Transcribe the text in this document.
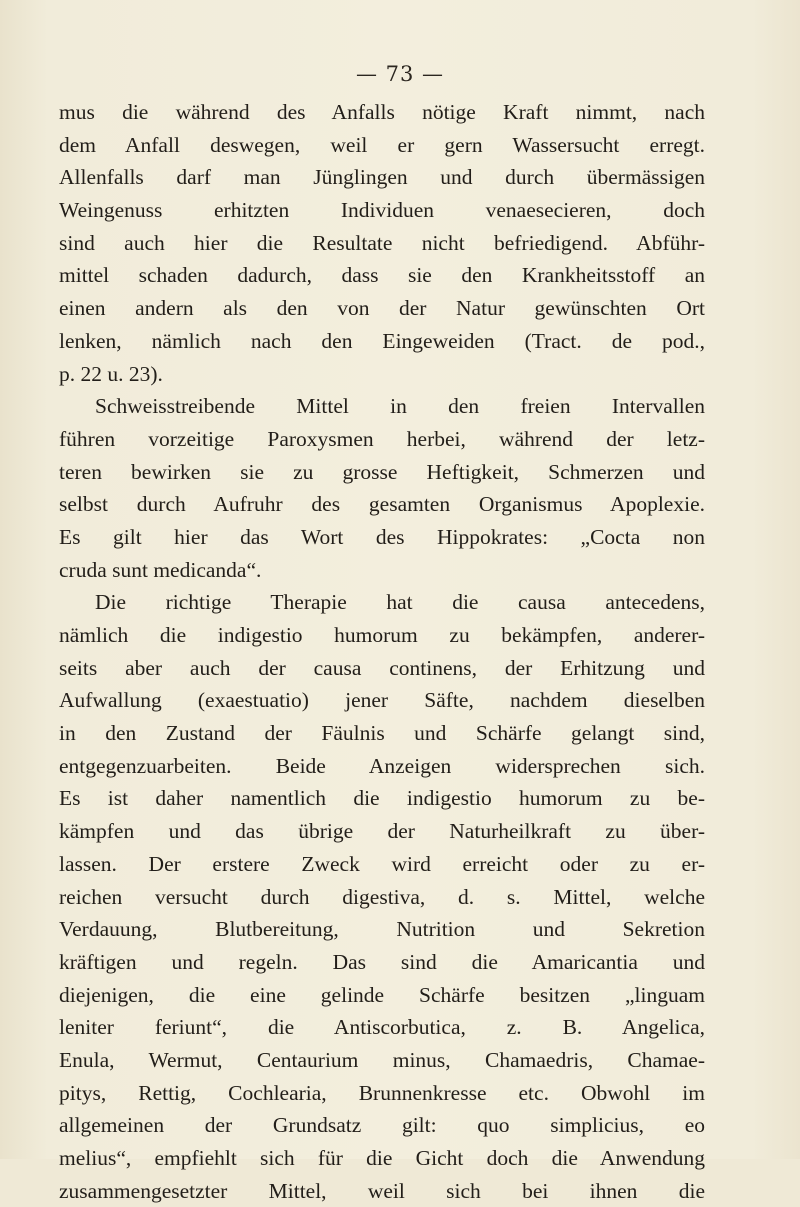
— 73 —
mus die während des Anfalls nötige Kraft nimmt, nach
dem Anfall deswegen, weil er gern Wassersucht erregt.
Allenfalls darf man Jünglingen und durch übermässigen
Weingenuss erhitzten Individuen venaesecieren, doch
sind auch hier die Resultate nicht befriedigend. Abführ-
mittel schaden dadurch, dass sie den Krankheitsstoff an
einen andern als den von der Natur gewünschten Ort
lenken, nämlich nach den Eingeweiden (Tract. de pod.,
p. 22 u. 23).
Schweisstreibende Mittel in den freien Intervallen
führen vorzeitige Paroxysmen herbei, während der letz-
teren bewirken sie zu grosse Heftigkeit, Schmerzen und
selbst durch Aufruhr des gesamten Organismus Apoplexie.
Es gilt hier das Wort des Hippokrates: „Cocta non
cruda sunt medicanda“.
Die richtige Therapie hat die causa antecedens,
nämlich die indigestio humorum zu bekämpfen, anderer-
seits aber auch der causa continens, der Erhitzung und
Aufwallung (exaestuatio) jener Säfte, nachdem dieselben
in den Zustand der Fäulnis und Schärfe gelangt sind,
entgegenzuarbeiten. Beide Anzeigen widersprechen sich.
Es ist daher namentlich die indigestio humorum zu be-
kämpfen und das übrige der Naturheilkraft zu über-
lassen. Der erstere Zweck wird erreicht oder zu er-
reichen versucht durch digestiva, d. s. Mittel, welche
Verdauung, Blutbereitung, Nutrition und Sekretion
kräftigen und regeln. Das sind die Amaricantia und
diejenigen, die eine gelinde Schärfe besitzen „linguam
leniter feriunt“, die Antiscorbutica, z. B. Angelica,
Enula, Wermut, Centaurium minus, Chamaedris, Chamae-
pitys, Rettig, Cochlearia, Brunnenkresse etc. Obwohl im
allgemeinen der Grundsatz gilt: quo simplicius, eo
melius“, empfiehlt sich für die Gicht doch die Anwendung
zusammengesetzter Mittel, weil sich bei ihnen die
